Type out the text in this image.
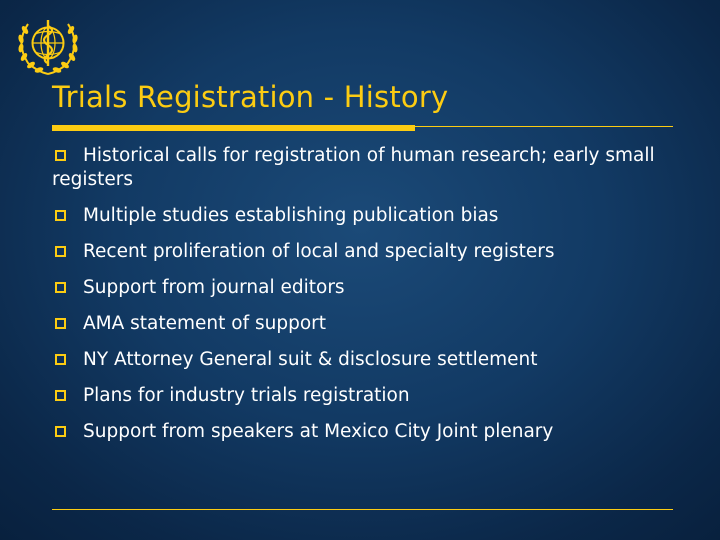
Trials Registration - History
Historical calls for registration of human research; early small registers
Multiple studies establishing publication bias
Recent proliferation of local and specialty registers
Support from journal editors
AMA statement of support
NY Attorney General suit & disclosure settlement
Plans for industry trials registration
Support from speakers at Mexico City Joint plenary
